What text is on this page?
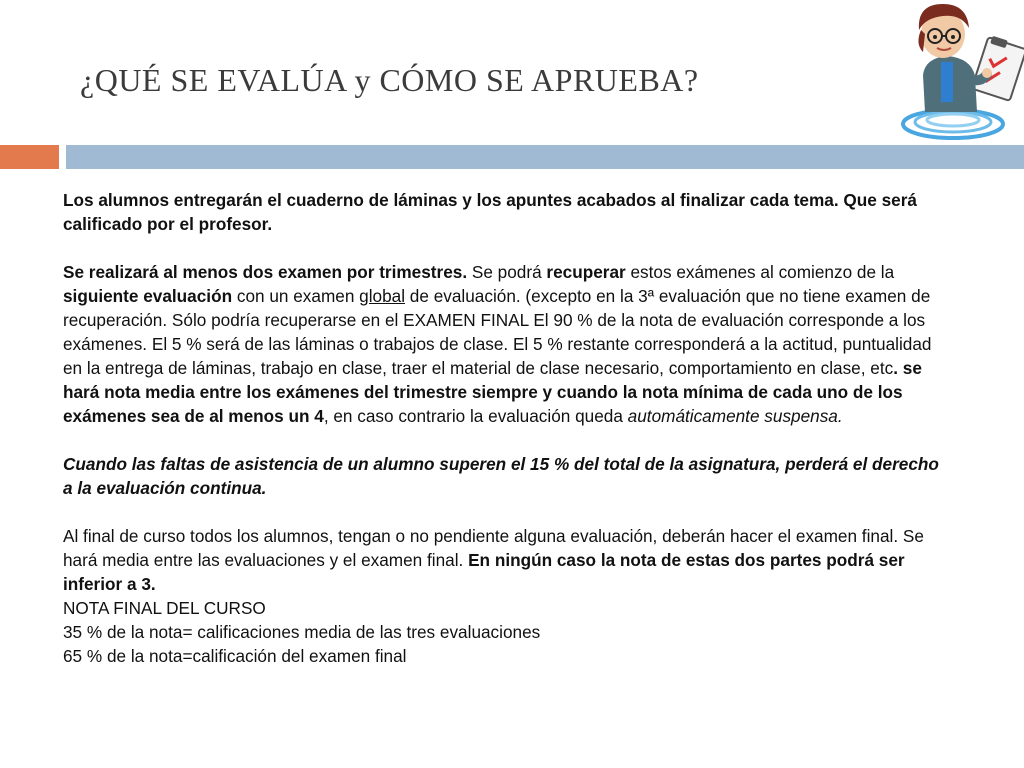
¿QUÉ SE EVALÚA y CÓMO SE APRUEBA?

Los alumnos entregarán el cuaderno de láminas y los apuntes acabados al finalizar cada tema. Que será calificado por el profesor.

Se realizará al menos dos examen por trimestres. Se podrá recuperar estos exámenes al comienzo de la siguiente evaluación con un examen global de evaluación. (excepto en la 3ª evaluación que no tiene examen de recuperación. Sólo podría recuperarse en el EXAMEN FINAL El 90 % de la nota de evaluación corresponde a los exámenes. El 5 % será de las láminas o trabajos de clase. El 5 % restante corresponderá a la actitud, puntualidad en la entrega de láminas, trabajo en clase, traer el material de clase necesario, comportamiento en clase, etc. se hará nota media entre los exámenes del trimestre siempre y cuando la nota mínima de cada uno de los exámenes sea de al menos un 4, en caso contrario la evaluación queda automáticamente suspensa.

Cuando las faltas de asistencia de un alumno superen el 15 % del total de la asignatura, perderá el derecho a la evaluación continua.

Al final de curso todos los alumnos, tengan o no pendiente alguna evaluación, deberán hacer el examen final. Se hará media entre las evaluaciones y el examen final. En ningún caso la nota de estas dos partes podrá ser inferior a 3.

NOTA FINAL DEL CURSO

35 % de la nota= calificaciones media de las tres evaluaciones

65 % de la nota=calificación del examen final
